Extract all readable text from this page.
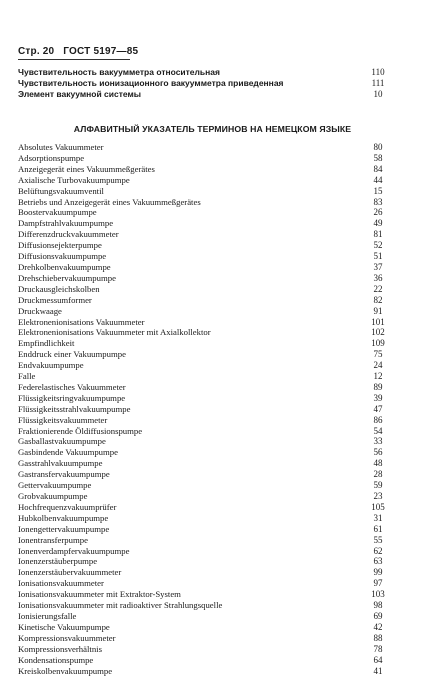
Стр. 20 ГОСТ 5197—85
Чувствительность вакуумметра относительная	110
Чувствительность ионизационного вакуумметра приведенная	111
Элемент вакуумной системы	10
АЛФАВИТНЫЙ УКАЗАТЕЛЬ ТЕРМИНОВ НА НЕМЕЦКОМ ЯЗЫКЕ
Absolutes Vakuummeter	80
Adsorptionspumpe	58
Anzeigegerät eines Vakuummeßgerätes	84
Axialische Turbovakuumpumpe	44
Belüftungsvakuumventil	15
Betriebs und Anzeigegerät eines Vakuummeßgerätes	83
Boostervakuumpumpe	26
Dampfstrahlvakuumpumpe	49
Differenzdruckvakuummeter	81
Diffusionsejekterpumpe	52
Diffusionsvakuumpumpe	51
Drehkolbenvakuumpumpe	37
Drehschiebervakuumpumpe	36
Druckausgleichskolben	22
Druckmessumformer	82
Druckwaage	91
Elektronenionisations Vakuummeter	101
Elektronenionisations Vakuummeter mit Axialkollektor	102
Empfindlichkeit	109
Enddruck einer Vakuumpumpe	75
Endvakuumpumpe	24
Falle	12
Federelastisches Vakuummeter	89
Flüssigkeitsringvakuumpumpe	39
Flüssigkeitsstrahlvakuumpumpe	47
Flüssigkeitsvakuummeter	86
Fraktionierende Öldiffusionspumpe	54
Gasballastvakuumpumpe	33
Gasbindende Vakuumpumpe	56
Gasstrahlvakuumpumpe	48
Gastransfervakuumpumpe	28
Gettervakuumpumpe	59
Grobvakuumpumpe	23
Hochfrequenzvakuumprüfer	105
Hubkolbenvakuumpumpe	31
Ionengettervakuumpumpe	61
Ionentransferpumpe	55
Ionenverdampfervakuumpumpe	62
Ionenzerstäuberpumpe	63
Ionenzerstäubervakuummeter	99
Ionisationsvakuummeter	97
Ionisationsvakuummeter mit Extraktor-System	103
Ionisationsvakuummeter mit radioaktiver Strahlungsquelle	98
Ionisierungsfalle	69
Kinetische Vakuumpumpe	42
Kompressionsvakuummeter	88
Kompressionsverhältnis	78
Kondensationspumpe	64
Kreiskolbenvakuumpumpe	41
